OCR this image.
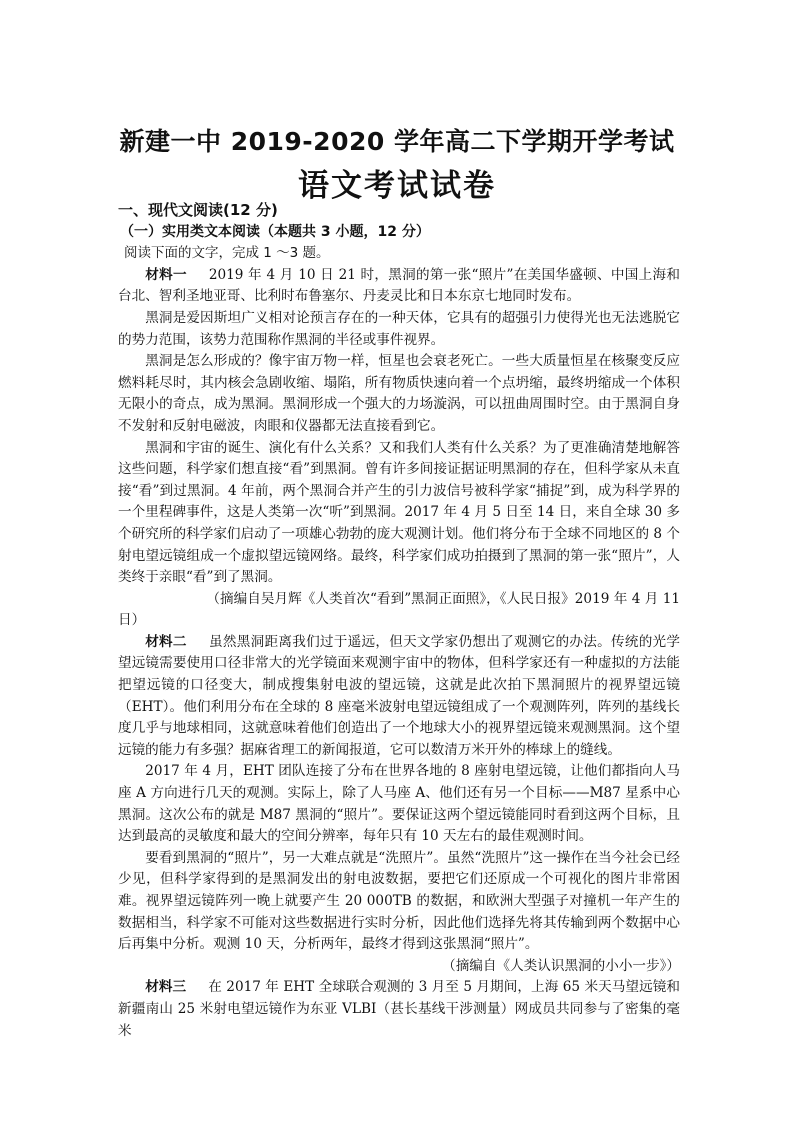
新建一中 2019-2020 学年高二下学期开学考试
语文考试试卷
一、现代文阅读(12 分)
（一）实用类文本阅读（本题共 3 小题，12 分）
阅读下面的文字，完成 1 ～3 题。

材料一 2019 年 4 月 10 日 21 时，黑洞的第一张“照片”在美国华盛顿、中国上海和台北、智利圣地亚哥、比利时布鲁塞尔、丹麦灵比和日本东京七地同时发布。

黑洞是爱因斯坦广义相对论预言存在的一种天体，它具有的超强引力使得光也无法逃脱它的势力范围，该势力范围称作黑洞的半径或事件视界。

黑洞是怎么形成的？像宇宙万物一样，恒星也会衰老死亡。一些大质量恒星在核聚变反应燃料耗尽时，其内核会急剧收缩、塌陷，所有物质快速向着一个点坍缩，最终坍缩成一个体积无限小的奇点，成为黑洞。黑洞形成一个强大的力场漩涡，可以扭曲周围时空。由于黑洞自身不发射和反射电磁波，肉眼和仪器都无法直接看到它。

黑洞和宇宙的诞生、演化有什么关系？又和我们人类有什么关系？为了更准确清楚地解答这些问题，科学家们想直接“看”到黑洞。曾有许多间接证据证明黑洞的存在，但科学家从未直接“看”到过黑洞。4 年前，两个黑洞合并产生的引力波信号被科学家“捕捉”到，成为科学界的一个里程碑事件，这是人类第一次“听”到黑洞。2017 年 4 月 5 日至 14 日，来自全球 30 多个研究所的科学家们启动了一项雄心勃勃的庞大观测计划。他们将分布于全球不同地区的 8 个射电望远镜组成一个虚拟望远镜网络。最终，科学家们成功拍摄到了黑洞的第一张“照片”，人类终于亲眼“看”到了黑洞。

（摘编自吴月辉《人类首次“看到”黑洞正面照》，《人民日报》2019 年 4 月 11 日）

材料二 虽然黑洞距离我们过于遥远，但天文学家仍想出了观测它的办法。传统的光学望远镜需要使用口径非常大的光学镜面来观测宇宙中的物体，但科学家还有一种虚拟的方法能把望远镜的口径变大，制成搜集射电波的望远镜，这就是此次拍下黑洞照片的视界望远镜（EHT）。他们利用分布在全球的 8 座毫米波射电望远镜组成了一个观测阵列，阵列的基线长度几乎与地球相同，这就意味着他们创造出了一个地球大小的视界望远镜来观测黑洞。这个望远镜的能力有多强？据麻省理工的新闻报道，它可以数清万米开外的棒球上的缝线。

2017 年 4 月，EHT 团队连接了分布在世界各地的 8 座射电望远镜，让他们都指向人马座 A 方向进行几天的观测。实际上，除了人马座 A、他们还有另一个目标——M87 星系中心黑洞。这次公布的就是 M87 黑洞的“照片”。要保证这两个望远镜能同时看到这两个目标，且达到最高的灵敏度和最大的空间分辨率，每年只有 10 天左右的最佳观测时间。

要看到黑洞的“照片”，另一大难点就是“洗照片”。虽然“洗照片”这一操作在当今社会已经少见，但科学家得到的是黑洞发出的射电波数据，要把它们还原成一个可视化的图片非常困难。视界望远镜阵列一晚上就要产生 20 000TB 的数据，和欧洲大型强子对撞机一年产生的数据相当，科学家不可能对这些数据进行实时分析，因此他们选择先将其传输到两个数据中心后再集中分析。观测 10 天，分析两年，最终才得到这张黑洞“照片”。

（摘编自《人类认识黑洞的小小一步》）

材料三 在 2017 年 EHT 全球联合观测的 3 月至 5 月期间，上海 65 米天马望远镜和新疆南山 25 米射电望远镜作为东亚 VLBI（甚长基线干涉测量）网成员共同参与了密集的毫米
